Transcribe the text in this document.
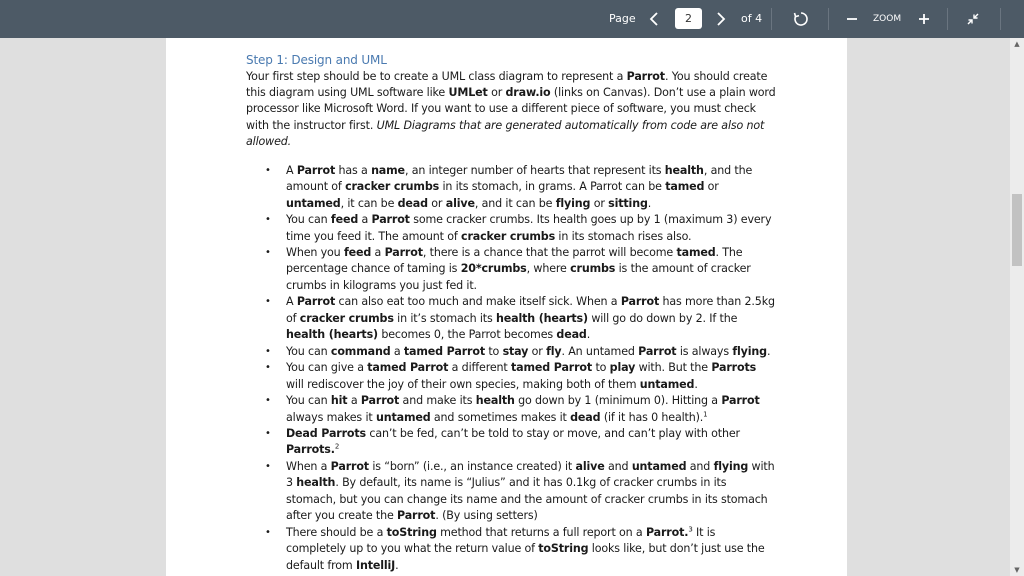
Page	2	of 4	ZOOM
Step 1: Design and UML

Your first step should be to create a UML class diagram to represent a Parrot. You should create this diagram using UML software like UMLet or draw.io (links on Canvas). Don’t use a plain word processor like Microsoft Word. If you want to use a different piece of software, you must check with the instructor first. UML Diagrams that are generated automatically from code are also not allowed.

• A Parrot has a name, an integer number of hearts that represent its health, and the amount of cracker crumbs in its stomach, in grams. A Parrot can be tamed or untamed, it can be dead or alive, and it can be flying or sitting.
• You can feed a Parrot some cracker crumbs. Its health goes up by 1 (maximum 3) every time you feed it. The amount of cracker crumbs in its stomach rises also.
• When you feed a Parrot, there is a chance that the parrot will become tamed. The percentage chance of taming is 20*crumbs, where crumbs is the amount of cracker crumbs in kilograms you just fed it.
• A Parrot can also eat too much and make itself sick. When a Parrot has more than 2.5kg of cracker crumbs in it’s stomach its health (hearts) will go do down by 2. If the health (hearts) becomes 0, the Parrot becomes dead.
• You can command a tamed Parrot to stay or fly. An untamed Parrot is always flying.
• You can give a tamed Parrot a different tamed Parrot to play with. But the Parrots will rediscover the joy of their own species, making both of them untamed.
• You can hit a Parrot and make its health go down by 1 (minimum 0). Hitting a Parrot always makes it untamed and sometimes makes it dead (if it has 0 health).$^1$
• Dead Parrots can’t be fed, can’t be told to stay or move, and can’t play with other Parrots.$^2$
• When a Parrot is “born” (i.e., an instance created) it alive and untamed and flying with 3 health. By default, its name is “Julius” and it has 0.1kg of cracker crumbs in its stomach, but you can change its name and the amount of cracker crumbs in its stomach after you create the Parrot. (By using setters)
• There should be a toString method that returns a full report on a Parrot.$^3$ It is completely up to you what the return value of toString looks like, but don’t just use the default from IntelliJ.
▲
▼
